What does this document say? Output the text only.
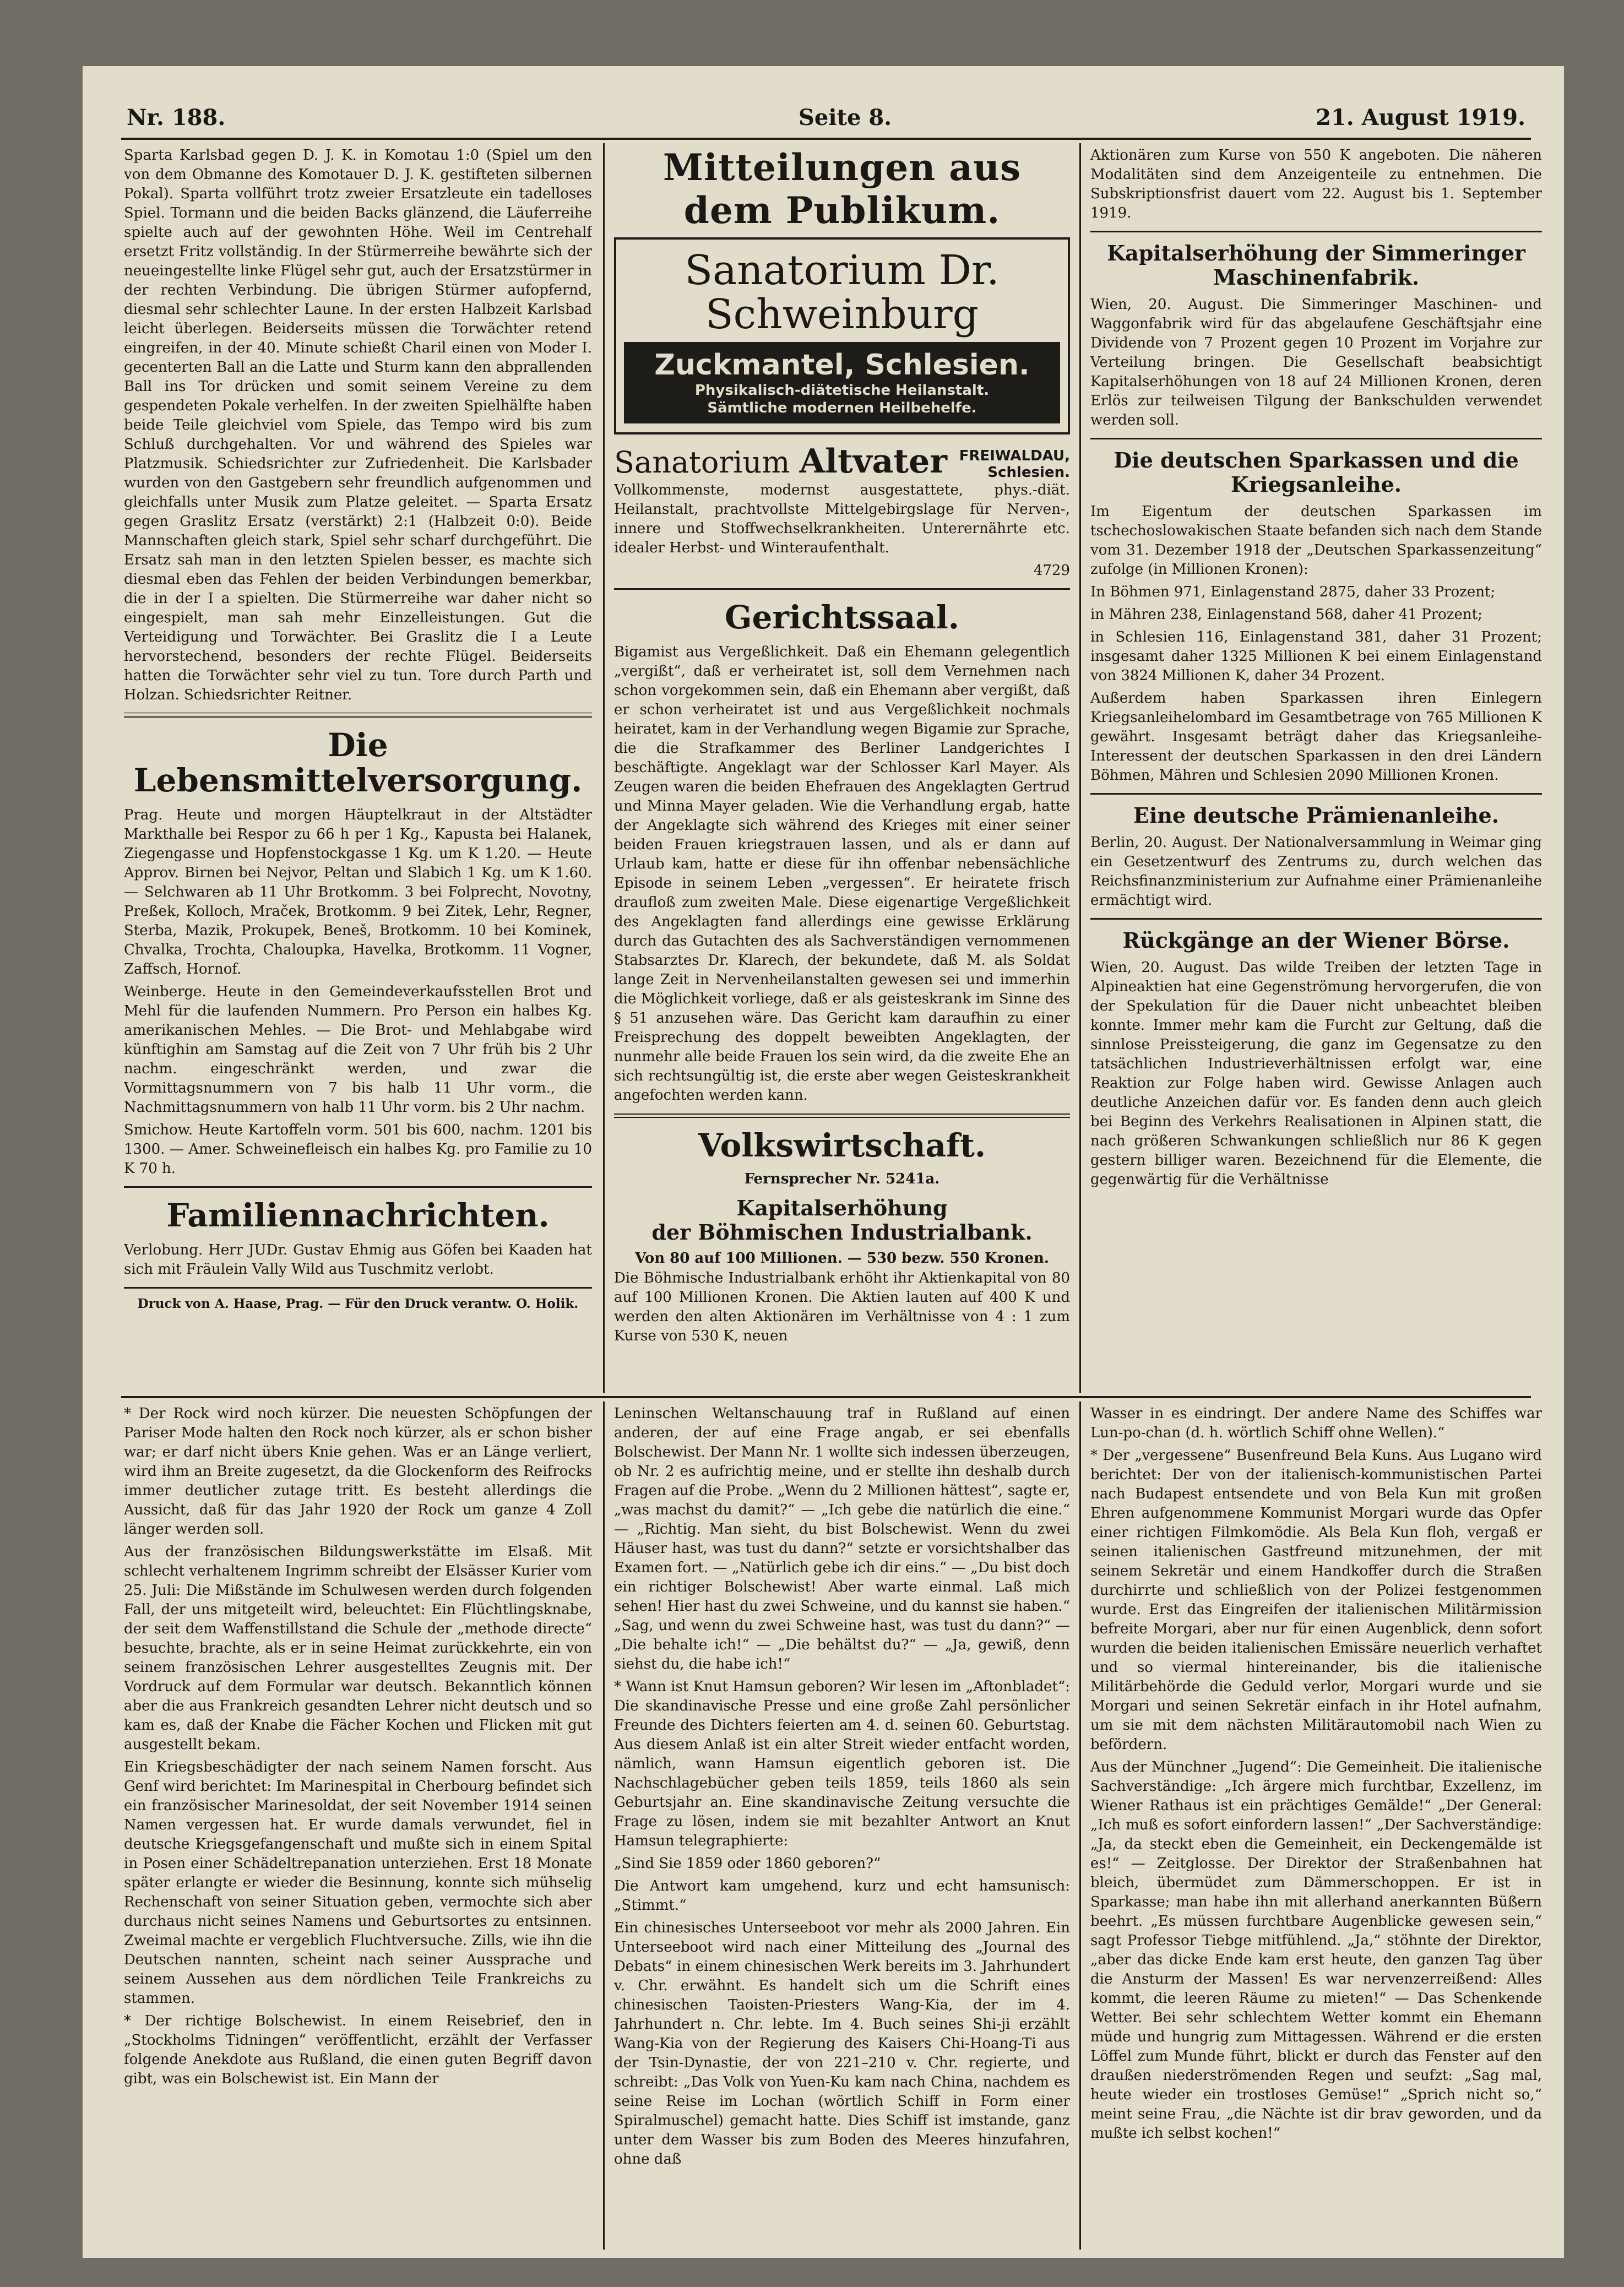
Nr. 188.	Seite 8.	21. August 1919.

Sparta Karlsbad gegen D. J. K. in Komotau 1:0 (Spiel um den von dem Obmanne des Komotauer D. J. K. gestifteten silbernen Pokal). Sparta vollführt trotz zweier Ersatzleute ein tadelloses Spiel. Tormann und die beiden Backs glänzend, die Läuferreihe spielte auch auf der gewohnten Höhe. Weil im Centrehalf ersetzt Fritz vollständig. In der Stürmerreihe bewährte sich der neueingestellte linke Flügel sehr gut, auch der Ersatzstürmer in der rechten Verbindung. Die übrigen Stürmer aufopfernd, diesmal sehr schlechter Laune. In der ersten Halbzeit Karlsbad leicht überlegen. Beiderseits müssen die Torwächter retend eingreifen, in der 40. Minute schießt Charil einen von Moder I. gecenterten Ball an die Latte und Sturm kann den abprallenden Ball ins Tor drücken und somit seinem Vereine zu dem gespendeten Pokale verhelfen. In der zweiten Spielhälfte haben beide Teile gleichviel vom Spiele, das Tempo wird bis zum Schluß durchgehalten. Vor und während des Spieles war Platzmusik. Schiedsrichter zur Zufriedenheit. Die Karlsbader wurden von den Gastgebern sehr freundlich aufgenommen und gleichfalls unter Musik zum Platze geleitet. — Sparta Ersatz gegen Graslitz Ersatz (verstärkt) 2:1 (Halbzeit 0:0). Beide Mannschaften gleich stark, Spiel sehr scharf durchgeführt. Die Ersatz sah man in den letzten Spielen besser, es machte sich diesmal eben das Fehlen der beiden Verbindungen bemerkbar, die in der I a spielten. Die Stürmerreihe war daher nicht so eingespielt, man sah mehr Einzelleistungen. Gut die Verteidigung und Torwächter. Bei Graslitz die I a Leute hervorstechend, besonders der rechte Flügel. Beiderseits hatten die Torwächter sehr viel zu tun. Tore durch Parth und Holzan. Schiedsrichter Reitner.

Die Lebensmittelversorgung.

Prag. Heute und morgen Häuptelkraut in der Altstädter Markthalle bei Respor zu 66 h per 1 Kg., Kapusta bei Halanek, Ziegengasse und Hopfenstockgasse 1 Kg. um K 1.20. — Heute Approv. Birnen bei Nejvor, Peltan und Slabich 1 Kg. um K 1.60. — Selchwaren ab 11 Uhr Brotkomm. 3 bei Folprecht, Novotny, Preßek, Kolloch, Mraček, Brotkomm. 9 bei Zitek, Lehr, Regner, Sterba, Mazik, Prokupek, Beneš, Brotkomm. 10 bei Kominek, Chvalka, Trochta, Chaloupka, Havelka, Brotkomm. 11 Vogner, Zaffsch, Hornof.

Weinberge. Heute in den Gemeindeverkaufsstellen Brot und Mehl für die laufenden Nummern. Pro Person ein halbes Kg. amerikanischen Mehles. — Die Brot- und Mehlabgabe wird künftighin am Samstag auf die Zeit von 7 Uhr früh bis 2 Uhr nachm. eingeschränkt werden, und zwar die Vormittagsnummern von 7 bis halb 11 Uhr vorm., die Nachmittagsnummern von halb 11 Uhr vorm. bis 2 Uhr nachm.

Smichow. Heute Kartoffeln vorm. 501 bis 600, nachm. 1201 bis 1300. — Amer. Schweinefleisch ein halbes Kg. pro Familie zu 10 K 70 h.

Familiennachrichten.

Verlobung. Herr JUDr. Gustav Ehmig aus Göfen bei Kaaden hat sich mit Fräulein Vally Wild aus Tuschmitz verlobt.

Druck von A. Haase, Prag. — Für den Druck verantw. O. Holik.
Mitteilungen aus dem Publikum.
Sanatorium Dr. Schweinburg
Zuckmantel, Schlesien.
Physikalisch-diätetische Heilanstalt.
Sämtliche modernen Heilbehelfe.
Sanatorium Altvater FREIWALDAU,
Schlesien.

Vollkommenste, modernst ausgestattete, phys.-diät. Heilanstalt, prachtvollste Mittelgebirgslage für Nerven-, innere und Stoffwechselkrankheiten. Unterernährte etc. idealer Herbst- und Winteraufenthalt.

4729

Gerichtssaal.

Bigamist aus Vergeßlichkeit. Daß ein Ehemann gelegentlich „vergißt“, daß er verheiratet ist, soll dem Vernehmen nach schon vorgekommen sein, daß ein Ehemann aber vergißt, daß er schon verheiratet ist und aus Vergeßlichkeit nochmals heiratet, kam in der Verhandlung wegen Bigamie zur Sprache, die die Strafkammer des Berliner Landgerichtes I beschäftigte. Angeklagt war der Schlosser Karl Mayer. Als Zeugen waren die beiden Ehefrauen des Angeklagten Gertrud und Minna Mayer geladen. Wie die Verhandlung ergab, hatte der Angeklagte sich während des Krieges mit einer seiner beiden Frauen kriegstrauen lassen, und als er dann auf Urlaub kam, hatte er diese für ihn offenbar nebensächliche Episode in seinem Leben „vergessen“. Er heiratete frisch draufloß zum zweiten Male. Diese eigenartige Vergeßlichkeit des Angeklagten fand allerdings eine gewisse Erklärung durch das Gutachten des als Sachverständigen vernommenen Stabsarztes Dr. Klarech, der bekundete, daß M. als Soldat lange Zeit in Nervenheilanstalten gewesen sei und immerhin die Möglichkeit vorliege, daß er als geisteskrank im Sinne des § 51 anzusehen wäre. Das Gericht kam daraufhin zu einer Freisprechung des doppelt beweibten Angeklagten, der nunmehr alle beide Frauen los sein wird, da die zweite Ehe an sich rechtsungültig ist, die erste aber wegen Geisteskrankheit angefochten werden kann.

Volkswirtschaft.
Fernsprecher Nr. 5241a.
Kapitalserhöhung
der Böhmischen Industrialbank.
Von 80 auf 100 Millionen. — 530 bezw. 550 Kronen.

Die Böhmische Industrialbank erhöht ihr Aktienkapital von 80 auf 100 Millionen Kronen. Die Aktien lauten auf 400 K und werden den alten Aktionären im Verhältnisse von 4 : 1 zum Kurse von 530 K, neuen

Aktionären zum Kurse von 550 K angeboten. Die näheren Modalitäten sind dem Anzeigenteile zu entnehmen. Die Subskriptionsfrist dauert vom 22. August bis 1. September 1919.

Kapitalserhöhung der Simmeringer Maschinenfabrik.

Wien, 20. August. Die Simmeringer Maschinen- und Waggonfabrik wird für das abgelaufene Geschäftsjahr eine Dividende von 7 Prozent gegen 10 Prozent im Vorjahre zur Verteilung bringen. Die Gesellschaft beabsichtigt Kapitalserhöhungen von 18 auf 24 Millionen Kronen, deren Erlös zur teilweisen Tilgung der Bankschulden verwendet werden soll.

Die deutschen Sparkassen und die Kriegsanleihe.

Im Eigentum der deutschen Sparkassen im tschechoslowakischen Staate befanden sich nach dem Stande vom 31. Dezember 1918 der „Deutschen Sparkassenzeitung“ zufolge (in Millionen Kronen):

In Böhmen 971, Einlagenstand 2875, daher 33 Prozent;

in Mähren 238, Einlagenstand 568, daher 41 Prozent;

in Schlesien 116, Einlagenstand 381, daher 31 Prozent; insgesamt daher 1325 Millionen K bei einem Einlagenstand von 3824 Millionen K, daher 34 Prozent.

Außerdem haben Sparkassen ihren Einlegern Kriegsanleihelombard im Gesamtbetrage von 765 Millionen K gewährt. Insgesamt beträgt daher das Kriegsanleihe-Interessent der deutschen Sparkassen in den drei Ländern Böhmen, Mähren und Schlesien 2090 Millionen Kronen.

Eine deutsche Prämienanleihe.

Berlin, 20. August. Der Nationalversammlung in Weimar ging ein Gesetzentwurf des Zentrums zu, durch welchen das Reichsfinanzministerium zur Aufnahme einer Prämienanleihe ermächtigt wird.

Rückgänge an der Wiener Börse.

Wien, 20. August. Das wilde Treiben der letzten Tage in Alpineaktien hat eine Gegenströmung hervorgerufen, die von der Spekulation für die Dauer nicht unbeachtet bleiben konnte. Immer mehr kam die Furcht zur Geltung, daß die sinnlose Preissteigerung, die ganz im Gegensatze zu den tatsächlichen Industrieverhältnissen erfolgt war, eine Reaktion zur Folge haben wird. Gewisse Anlagen auch deutliche Anzeichen dafür vor. Es fanden denn auch gleich bei Beginn des Verkehrs Realisationen in Alpinen statt, die nach größeren Schwankungen schließlich nur 86 K gegen gestern billiger waren. Bezeichnend für die Elemente, die gegenwärtig für die Verhältnisse

* Der Rock wird noch kürzer. Die neuesten Schöpfungen der Pariser Mode halten den Rock noch kürzer, als er schon bisher war; er darf nicht übers Knie gehen. Was er an Länge verliert, wird ihm an Breite zugesetzt, da die Glockenform des Reifrocks immer deutlicher zutage tritt. Es besteht allerdings die Aussicht, daß für das Jahr 1920 der Rock um ganze 4 Zoll länger werden soll.

Aus der französischen Bildungswerkstätte im Elsaß. Mit schlecht verhaltenem Ingrimm schreibt der Elsässer Kurier vom 25. Juli: Die Mißstände im Schulwesen werden durch folgenden Fall, der uns mitgeteilt wird, beleuchtet: Ein Flüchtlingsknabe, der seit dem Waffenstillstand die Schule der „methode directe“ besuchte, brachte, als er in seine Heimat zurückkehrte, ein von seinem französischen Lehrer ausgestelltes Zeugnis mit. Der Vordruck auf dem Formular war deutsch. Bekanntlich können aber die aus Frankreich gesandten Lehrer nicht deutsch und so kam es, daß der Knabe die Fächer Kochen und Flicken mit gut ausgestellt bekam.

Ein Kriegsbeschädigter der nach seinem Namen forscht. Aus Genf wird berichtet: Im Marinespital in Cherbourg befindet sich ein französischer Marinesoldat, der seit November 1914 seinen Namen vergessen hat. Er wurde damals verwundet, fiel in deutsche Kriegsgefangenschaft und mußte sich in einem Spital in Posen einer Schädeltrepanation unterziehen. Erst 18 Monate später erlangte er wieder die Besinnung, konnte sich mühselig Rechenschaft von seiner Situation geben, vermochte sich aber durchaus nicht seines Namens und Geburtsortes zu entsinnen. Zweimal machte er vergeblich Fluchtversuche. Zills, wie ihn die Deutschen nannten, scheint nach seiner Aussprache und seinem Aussehen aus dem nördlichen Teile Frankreichs zu stammen.

* Der richtige Bolschewist. In einem Reisebrief, den in „Stockholms Tidningen“ veröffentlicht, erzählt der Verfasser folgende Anekdote aus Rußland, die einen guten Begriff davon gibt, was ein Bolschewist ist. Ein Mann der

Leninschen Weltanschauung traf in Rußland auf einen anderen, der auf eine Frage angab, er sei ebenfalls Bolschewist. Der Mann Nr. 1 wollte sich indessen überzeugen, ob Nr. 2 es aufrichtig meine, und er stellte ihn deshalb durch Fragen auf die Probe. „Wenn du 2 Millionen hättest“, sagte er, „was machst du damit?“ — „Ich gebe die natürlich die eine.“ — „Richtig. Man sieht, du bist Bolschewist. Wenn du zwei Häuser hast, was tust du dann?“ setzte er vorsichtshalber das Examen fort. — „Natürlich gebe ich dir eins.“ — „Du bist doch ein richtiger Bolschewist! Aber warte einmal. Laß mich sehen! Hier hast du zwei Schweine, und du kannst sie haben.“ „Sag, und wenn du zwei Schweine hast, was tust du dann?“ — „Die behalte ich!“ — „Die behältst du?“ — „Ja, gewiß, denn siehst du, die habe ich!“

* Wann ist Knut Hamsun geboren? Wir lesen im „Aftonbladet“: Die skandinavische Presse und eine große Zahl persönlicher Freunde des Dichters feierten am 4. d. seinen 60. Geburtstag. Aus diesem Anlaß ist ein alter Streit wieder entfacht worden, nämlich, wann Hamsun eigentlich geboren ist. Die Nachschlagebücher geben teils 1859, teils 1860 als sein Geburtsjahr an. Eine skandinavische Zeitung versuchte die Frage zu lösen, indem sie mit bezahlter Antwort an Knut Hamsun telegraphierte:

„Sind Sie 1859 oder 1860 geboren?“

Die Antwort kam umgehend, kurz und echt hamsunisch: „Stimmt.“

Ein chinesisches Unterseeboot vor mehr als 2000 Jahren. Ein Unterseeboot wird nach einer Mitteilung des „Journal des Debats“ in einem chinesischen Werk bereits im 3. Jahrhundert v. Chr. erwähnt. Es handelt sich um die Schrift eines chinesischen Taoisten-Priesters Wang-Kia, der im 4. Jahrhundert n. Chr. lebte. Im 4. Buch seines Shi-ji erzählt Wang-Kia von der Regierung des Kaisers Chi-Hoang-Ti aus der Tsin-Dynastie, der von 221–210 v. Chr. regierte, und schreibt: „Das Volk von Yuen-Ku kam nach China, nachdem es seine Reise im Lochan (wörtlich Schiff in Form einer Spiralmuschel) gemacht hatte. Dies Schiff ist imstande, ganz unter dem Wasser bis zum Boden des Meeres hinzufahren, ohne daß

Wasser in es eindringt. Der andere Name des Schiffes war Lun-po-chan (d. h. wörtlich Schiff ohne Wellen).“

* Der „vergessene“ Busenfreund Bela Kuns. Aus Lugano wird berichtet: Der von der italienisch-kommunistischen Partei nach Budapest entsendete und von Bela Kun mit großen Ehren aufgenommene Kommunist Morgari wurde das Opfer einer richtigen Filmkomödie. Als Bela Kun floh, vergaß er seinen italienischen Gastfreund mitzunehmen, der mit seinem Sekretär und einem Handkoffer durch die Straßen durchirrte und schließlich von der Polizei festgenommen wurde. Erst das Eingreifen der italienischen Militärmission befreite Morgari, aber nur für einen Augenblick, denn sofort wurden die beiden italienischen Emissäre neuerlich verhaftet und so viermal hintereinander, bis die italienische Militärbehörde die Geduld verlor, Morgari wurde und sie Morgari und seinen Sekretär einfach in ihr Hotel aufnahm, um sie mit dem nächsten Militärautomobil nach Wien zu befördern.

Aus der Münchner „Jugend“: Die Gemeinheit. Die italienische Sachverständige: „Ich ärgere mich furchtbar, Exzellenz, im Wiener Rathaus ist ein prächtiges Gemälde!“ „Der General: „Ich muß es sofort einfordern lassen!“ „Der Sachverständige: „Ja, da steckt eben die Gemeinheit, ein Deckengemälde ist es!“ — Zeitglosse. Der Direktor der Straßenbahnen hat bleich, übermüdet zum Dämmerschoppen. Er ist in Sparkasse; man habe ihn mit allerhand anerkannten Büßern beehrt. „Es müssen furchtbare Augenblicke gewesen sein,“ sagt Professor Tiebge mitfühlend. „Ja,“ stöhnte der Direktor, „aber das dicke Ende kam erst heute, den ganzen Tag über die Ansturm der Massen! Es war nervenzerreißend: Alles kommt, die leeren Räume zu mieten!“ — Das Schenkende Wetter. Bei sehr schlechtem Wetter kommt ein Ehemann müde und hungrig zum Mittagessen. Während er die ersten Löffel zum Munde führt, blickt er durch das Fenster auf den draußen niederströmenden Regen und seufzt: „Sag mal, heute wieder ein trostloses Gemüse!“ „Sprich nicht so,“ meint seine Frau, „die Nächte ist dir brav geworden, und da mußte ich selbst kochen!“
